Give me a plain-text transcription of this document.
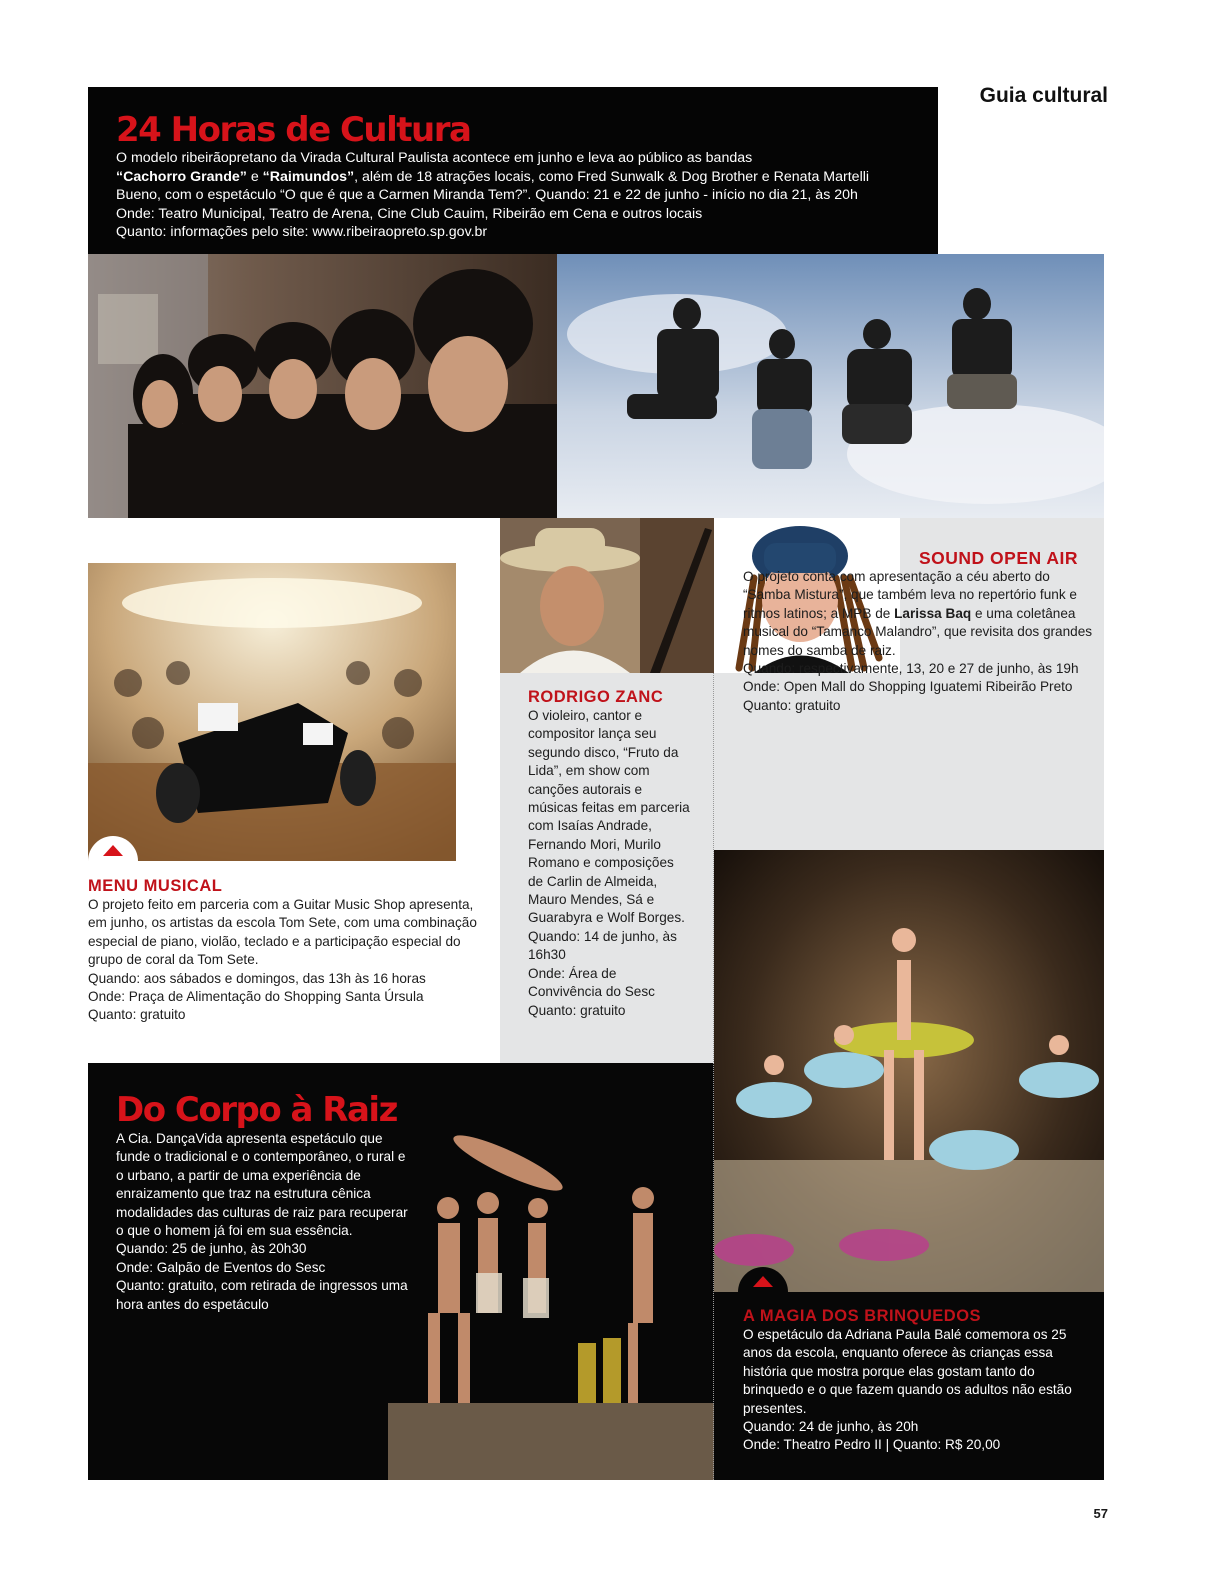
Guia cultural
24 Horas de Cultura

O modelo ribeirãopretano da Virada Cultural Paulista acontece em junho e leva ao público as bandas

“Cachorro Grande” e “Raimundos”, além de 18 atrações locais, como Fred Sunwalk & Dog Brother e Renata Martelli

Bueno, com o espetáculo “O que é que a Carmen Miranda Tem?”. Quando: 21 e 22 de junho - início no dia 21, às 20h

Onde: Teatro Municipal, Teatro de Arena, Cine Club Cauim, Ribeirão em Cena e outros locais

Quanto: informações pelo site: www.ribeiraopreto.sp.gov.br

MENU MUSICAL

O projeto feito em parceria com a Guitar Music Shop apresenta, em junho, os artistas da escola Tom Sete, com uma combinação especial de piano, violão, teclado e a participação especial do grupo de coral da Tom Sete.

Quando: aos sábados e domingos, das 13h às 16 horas

Onde: Praça de Alimentação do Shopping Santa Úrsula

Quanto: gratuito

RODRIGO ZANC

O violeiro, cantor e compositor lança seu segundo disco, “Fruto da Lida”, em show com canções autorais e músicas feitas em parceria com Isaías Andrade, Fernando Mori, Murilo Romano e composições de Carlin de Almeida, Mauro Mendes, Sá e Guarabyra e Wolf Borges.

Quando: 14 de junho, às 16h30

Onde: Área de Convivência do Sesc

Quanto: gratuito

SOUND OPEN AIR

O projeto conta com apresentação a céu aberto do “Samba Mistura”, que também leva no repertório funk e ritmos latinos; a MPB de Larissa Baq e uma coletânea musical do “Tamanco Malandro”, que revisita dos grandes nomes do samba de raiz.

Quando: respectivamente, 13, 20 e 27 de junho, às 19h

Onde: Open Mall do Shopping Iguatemi Ribeirão Preto

Quanto: gratuito

Do Corpo à Raiz

A Cia. DançaVida apresenta espetáculo que funde o tradicional e o contemporâneo, o rural e o urbano, a partir de uma experiência de enraizamento que traz na estrutura cênica modalidades das culturas de raiz para recuperar o que o homem já foi em sua essência.

Quando: 25 de junho, às 20h30

Onde: Galpão de Eventos do Sesc

Quanto: gratuito, com retirada de ingressos uma hora antes do espetáculo

A MAGIA DOS BRINQUEDOS

O espetáculo da Adriana Paula Balé comemora os 25 anos da escola, enquanto oferece às crianças essa história que mostra porque elas gostam tanto do brinquedo e o que fazem quando os adultos não estão presentes.

Quando: 24 de junho, às 20h

Onde: Theatro Pedro II | Quanto: R$ 20,00

57
